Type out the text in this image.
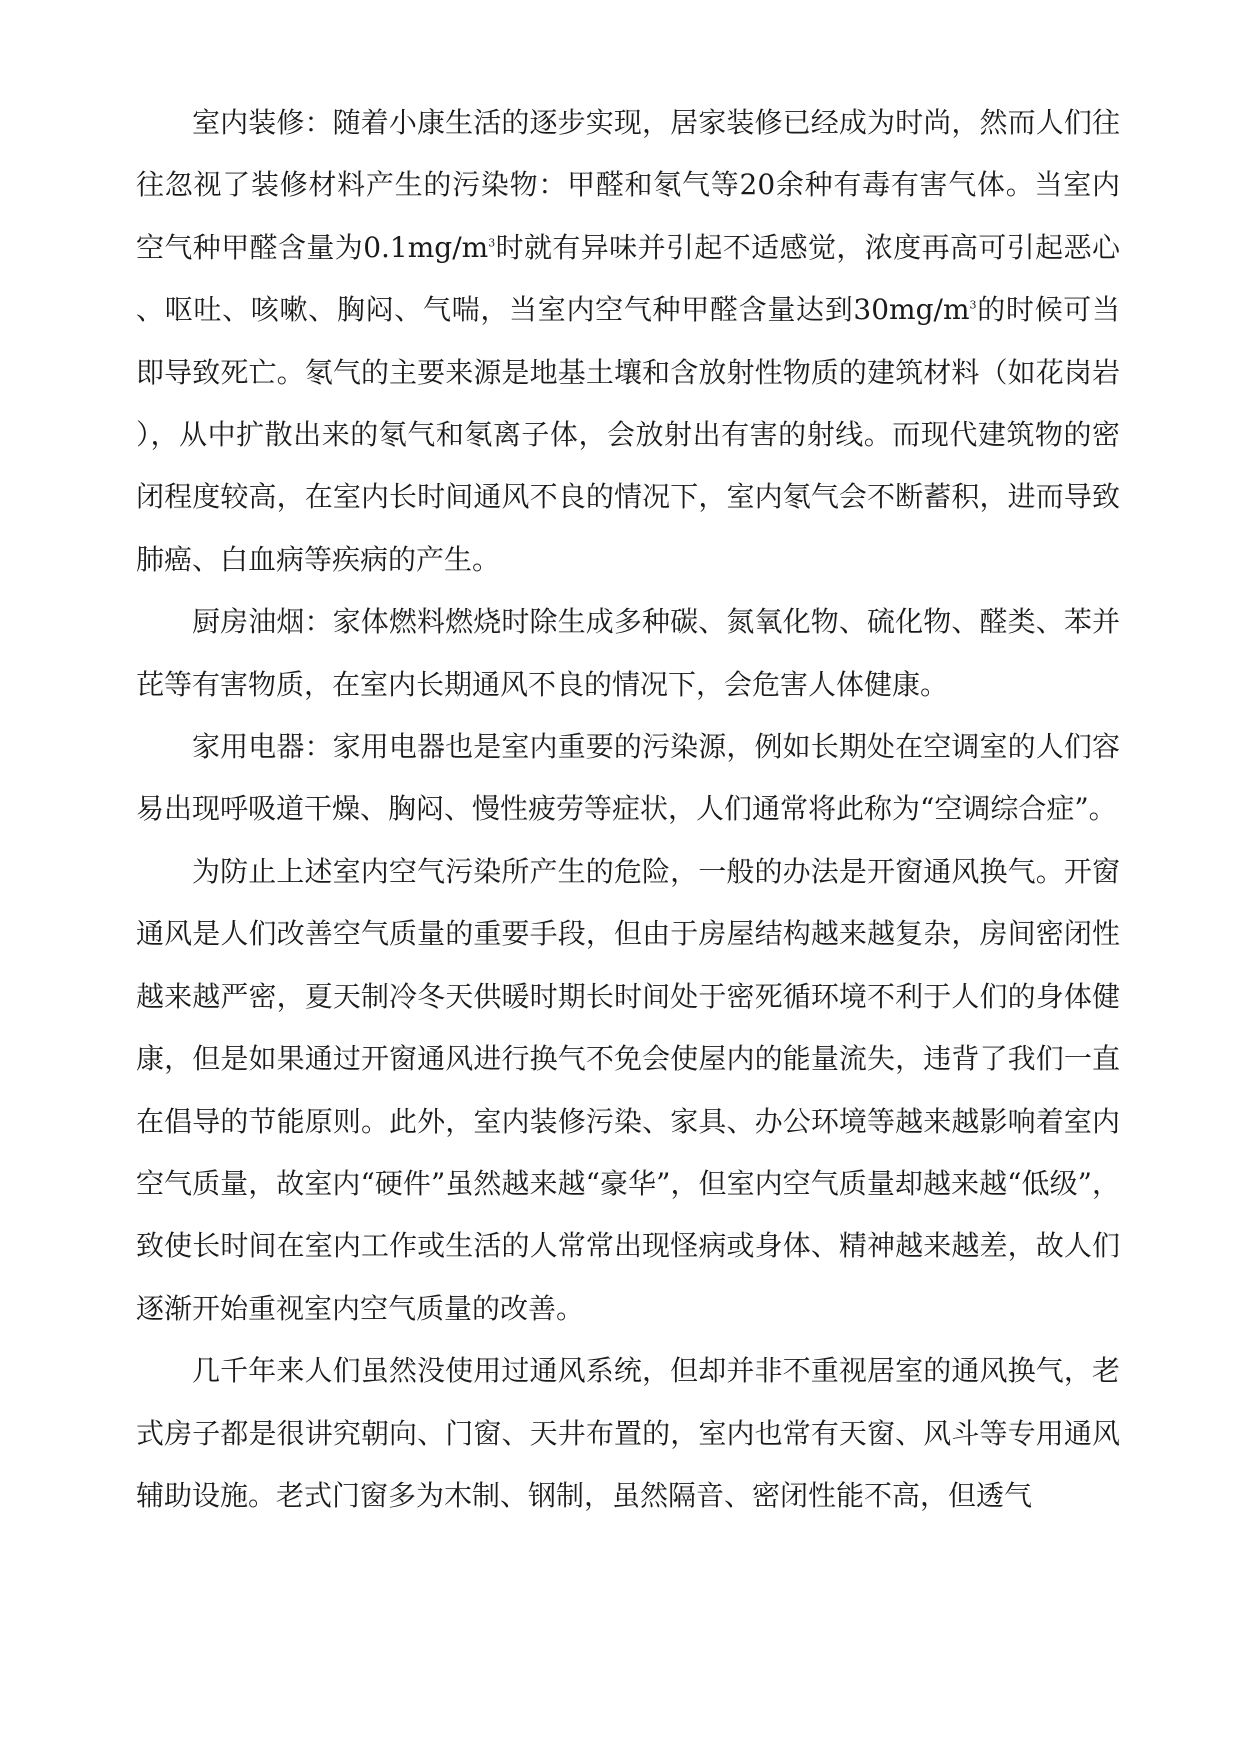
室内装修：随着小康生活的逐步实现，居家装修已经成为时尚，然而人们往往忽视了装修材料产生的污染物：甲醛和氡气等20余种有毒有害气体。当室内空气种甲醛含量为$0.1mg/m^3$时就有异味并引起不适感觉，浓度再高可引起恶心、呕吐、咳嗽、胸闷、气喘，当室内空气种甲醛含量达到$30mg/m^3$的时候可当即导致死亡。氡气的主要来源是地基土壤和含放射性物质的建筑材料（如花岗岩），从中扩散出来的氡气和氡离子体，会放射出有害的射线。而现代建筑物的密闭程度较高，在室内长时间通风不良的情况下，室内氡气会不断蓄积，进而导致肺癌、白血病等疾病的产生。

厨房油烟：家体燃料燃烧时除生成多种碳、氮氧化物、硫化物、醛类、苯并芘等有害物质，在室内长期通风不良的情况下，会危害人体健康。

家用电器：家用电器也是室内重要的污染源，例如长期处在空调室的人们容易出现呼吸道干燥、胸闷、慢性疲劳等症状，人们通常将此称为“空调综合症”。

为防止上述室内空气污染所产生的危险，一般的办法是开窗通风换气。开窗通风是人们改善空气质量的重要手段，但由于房屋结构越来越复杂，房间密闭性越来越严密，夏天制冷冬天供暖时期长时间处于密死循环境不利于人们的身体健康，但是如果通过开窗通风进行换气不免会使屋内的能量流失，违背了我们一直在倡导的节能原则。此外，室内装修污染、家具、办公环境等越来越影响着室内空气质量，故室内“硬件”虽然越来越“豪华”，但室内空气质量却越来越“低级”，致使长时间在室内工作或生活的人常常出现怪病或身体、精神越来越差，故人们逐渐开始重视室内空气质量的改善。

几千年来人们虽然没使用过通风系统，但却并非不重视居室的通风换气，老式房子都是很讲究朝向、门窗、天井布置的，室内也常有天窗、风斗等专用通风辅助设施。老式门窗多为木制、钢制，虽然隔音、密闭性能不高，但透气
